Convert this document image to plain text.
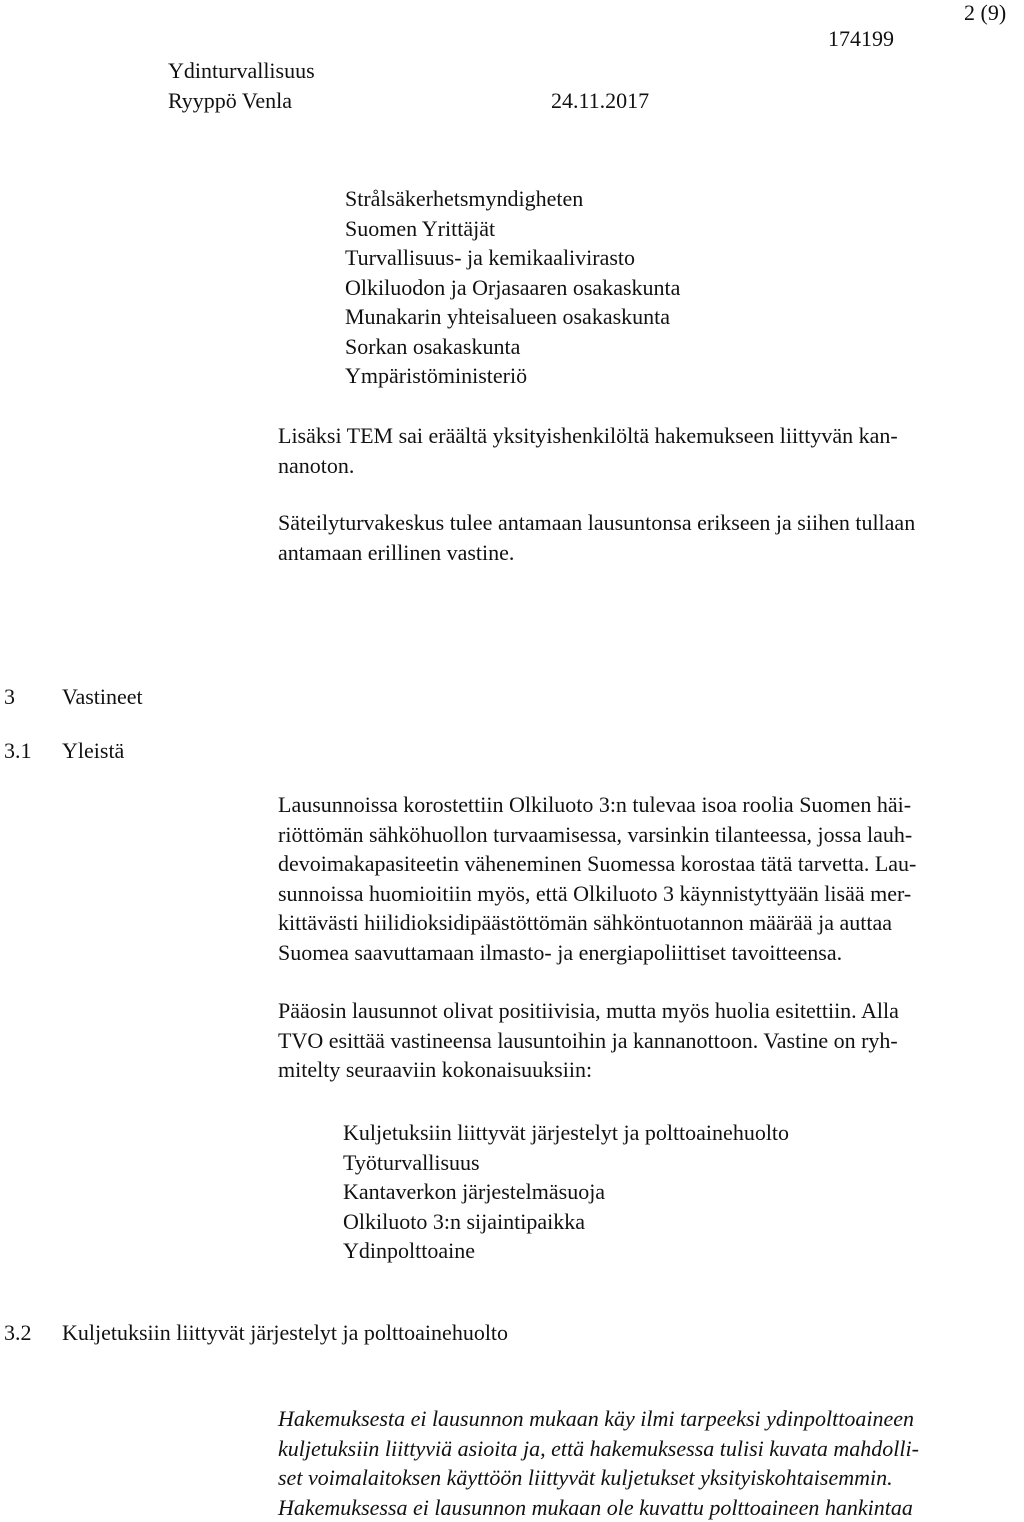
2 (9)
174199
Ydinturvallisuus
Ryyppö Venla	24.11.2017
Strålsäkerhetsmyndigheten
Suomen Yrittäjät
Turvallisuus- ja kemikaalivirasto
Olkiluodon ja Orjasaaren osakaskunta
Munakarin yhteisalueen osakaskunta
Sorkan osakaskunta
Ympäristöministeriö
Lisäksi TEM sai eräältä yksityishenkilöltä hakemukseen liittyvän kan-
nanoton.
Säteilyturvakeskus tulee antamaan lausuntonsa erikseen ja siihen tullaan
antamaan erillinen vastine.
3 Vastineet
3.1 Yleistä
Lausunnoissa korostettiin Olkiluoto 3:n tulevaa isoa roolia Suomen häi-
riöttömän sähköhuollon turvaamisessa, varsinkin tilanteessa, jossa lauh-
devoimakapasiteetin väheneminen Suomessa korostaa tätä tarvetta. Lau-
sunnoissa huomioitiin myös, että Olkiluoto 3 käynnistyttyään lisää mer-
kittävästi hiilidioksidipäästöttömän sähköntuotannon määrää ja auttaa
Suomea saavuttamaan ilmasto- ja energiapoliittiset tavoitteensa.
Pääosin lausunnot olivat positiivisia, mutta myös huolia esitettiin. Alla
TVO esittää vastineensa lausuntoihin ja kannanottoon. Vastine on ryh-
mitelty seuraaviin kokonaisuuksiin:
Kuljetuksiin liittyvät järjestelyt ja polttoainehuolto
Työturvallisuus
Kantaverkon järjestelmäsuoja
Olkiluoto 3:n sijaintipaikka
Ydinpolttoaine
3.2 Kuljetuksiin liittyvät järjestelyt ja polttoainehuolto
Hakemuksesta ei lausunnon mukaan käy ilmi tarpeeksi ydinpolttoaineen
kuljetuksiin liittyviä asioita ja, että hakemuksessa tulisi kuvata mahdolli-
set voimalaitoksen käyttöön liittyvät kuljetukset yksityiskohtaisemmin.
Hakemuksessa ei lausunnon mukaan ole kuvattu polttoaineen hankintaa
